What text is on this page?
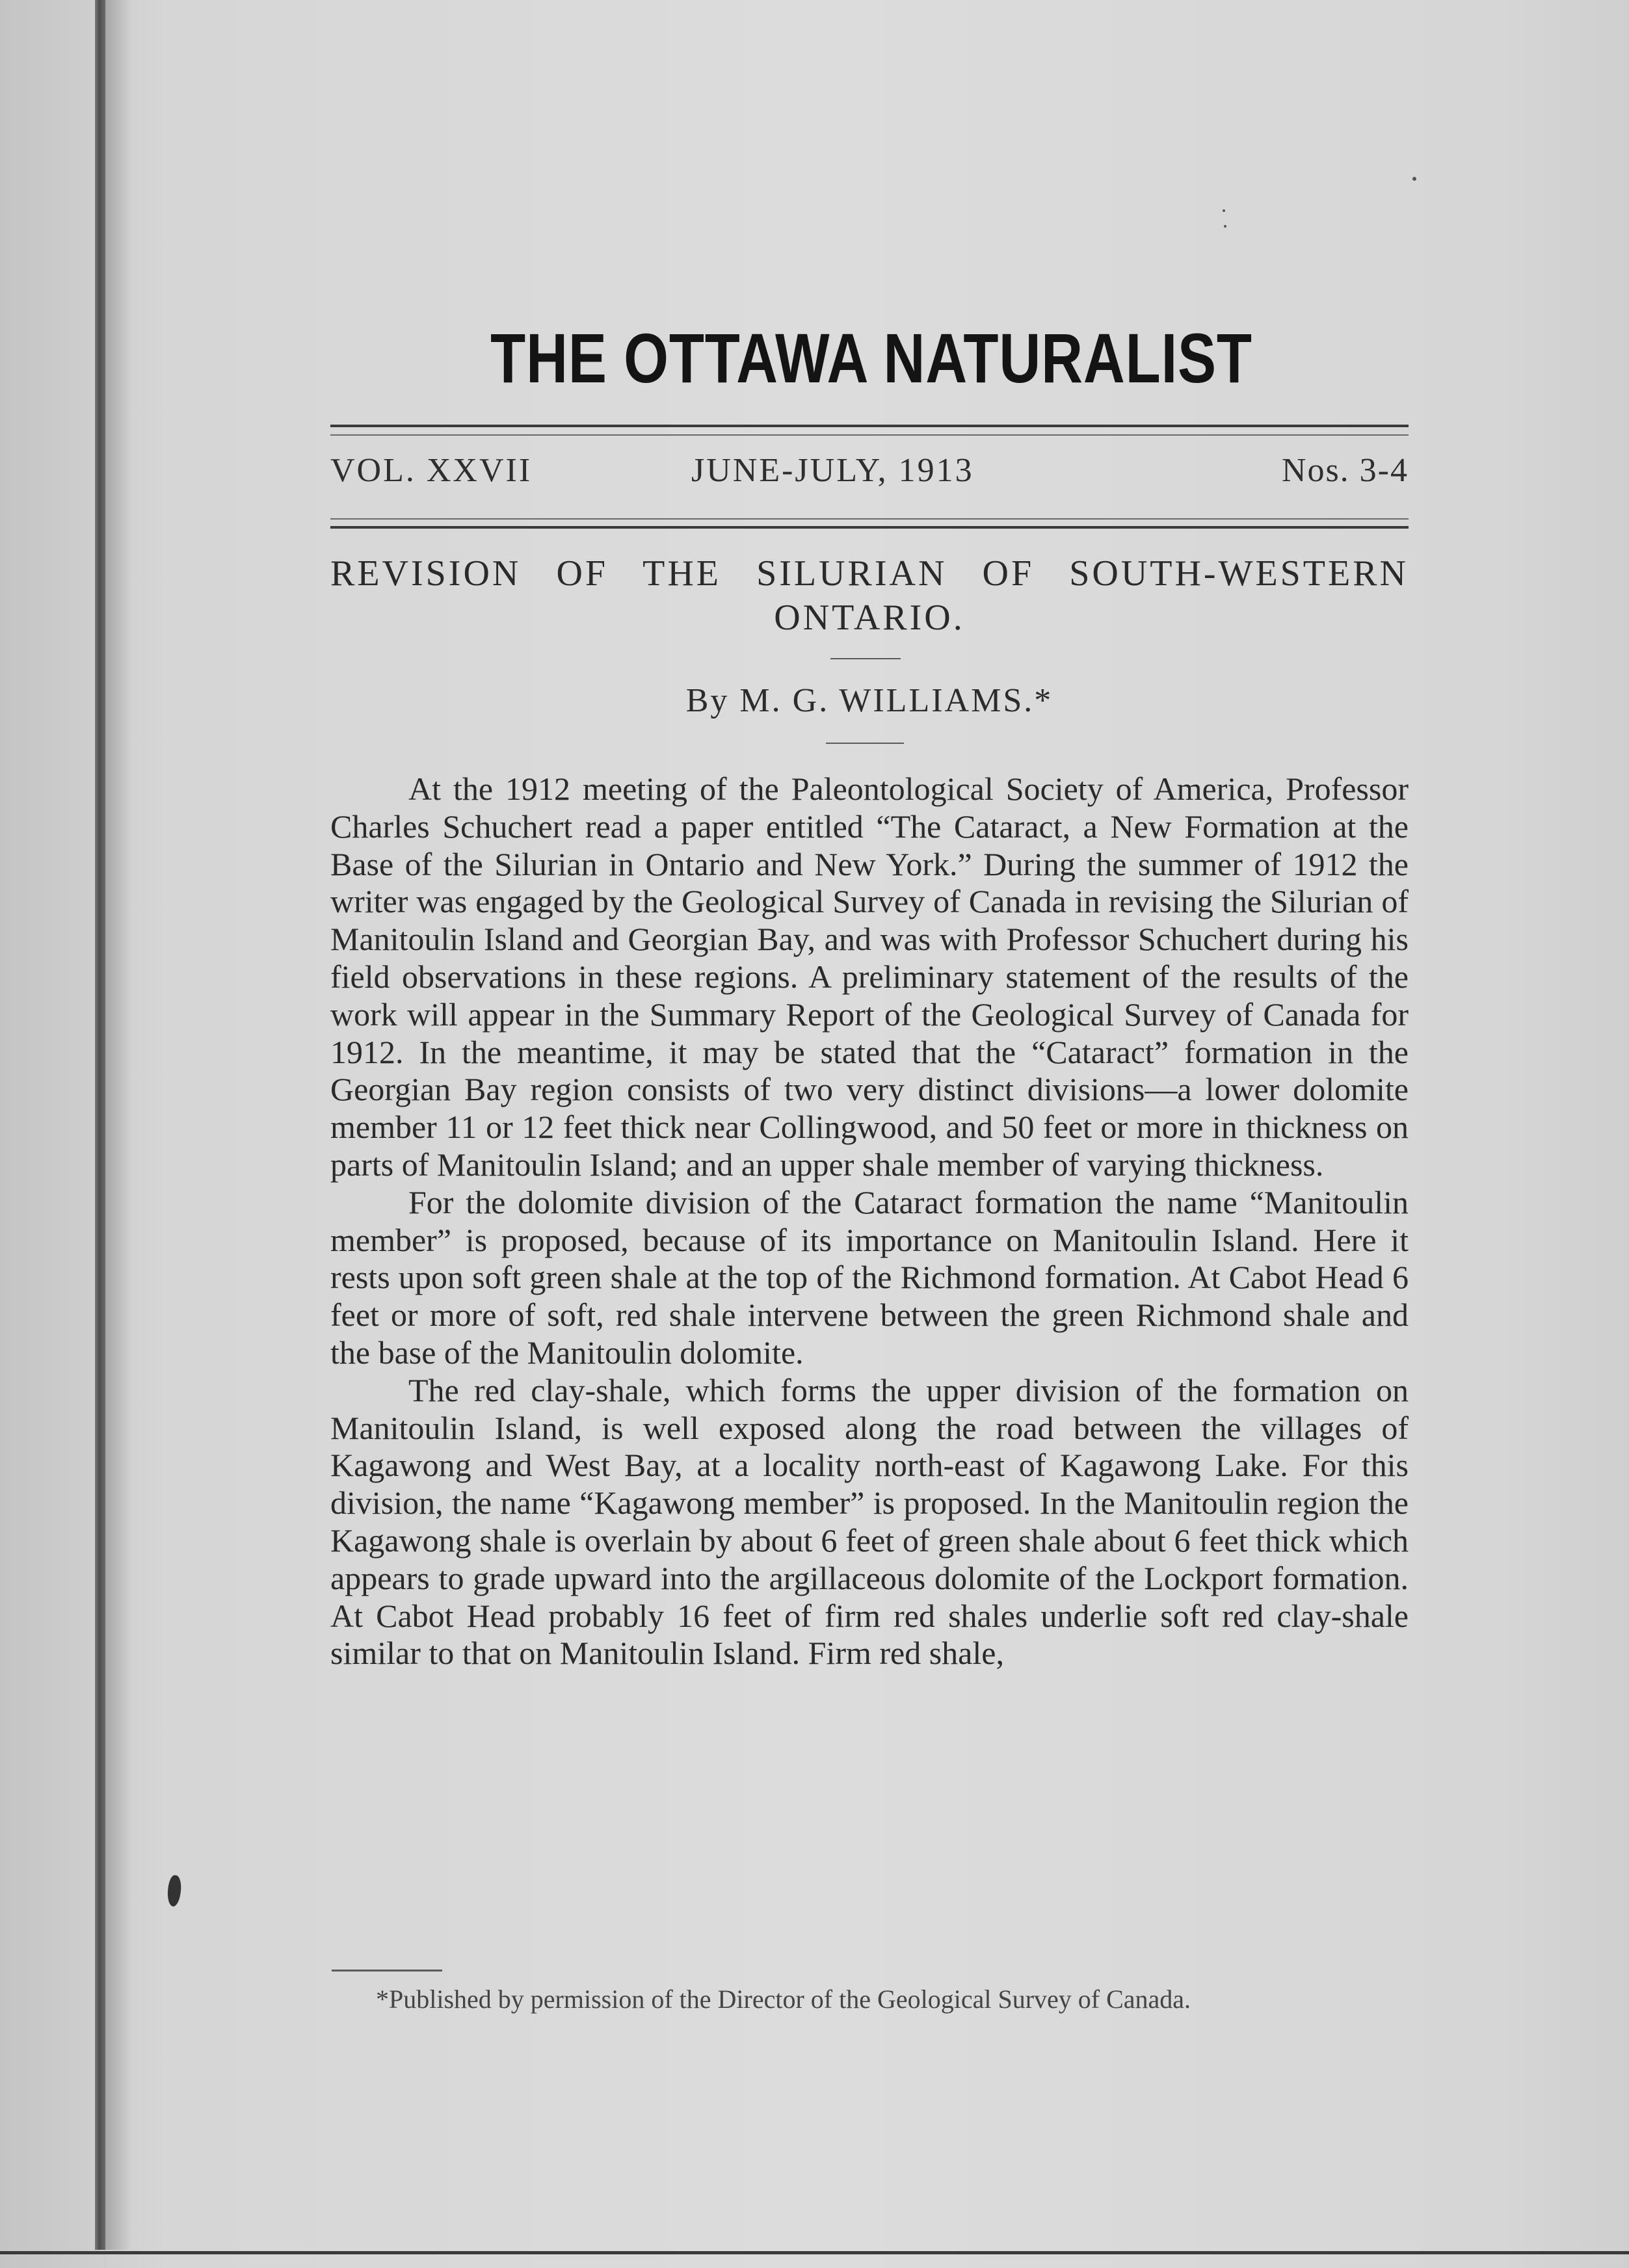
THE OTTAWA NATURALIST
VOL. XXVII	JUNE-JULY, 1913	Nos. 3-4
REVISION OF THE SILURIAN OF SOUTH-WESTERN
ONTARIO.
By M. G. WILLIAMS.*

At the 1912 meeting of the Paleontological Society of America, Professor Charles Schuchert read a paper entitled “The Cataract, a New Formation at the Base of the Silurian in Ontario and New York.” During the summer of 1912 the writer was engaged by the Geological Survey of Canada in revising the Silurian of Manitoulin Island and Georgian Bay, and was with Professor Schuchert during his field observations in these regions. A preliminary statement of the results of the work will appear in the Summary Report of the Geological Survey of Canada for 1912. In the meantime, it may be stated that the “Cataract” formation in the Georgian Bay region consists of two very distinct divisions—a lower dolomite member 11 or 12 feet thick near Collingwood, and 50 feet or more in thickness on parts of Manitoulin Island; and an upper shale member of varying thickness.

For the dolomite division of the Cataract formation the name “Manitoulin member” is proposed, because of its importance on Manitoulin Island. Here it rests upon soft green shale at the top of the Richmond formation. At Cabot Head 6 feet or more of soft, red shale intervene between the green Richmond shale and the base of the Manitoulin dolomite.

The red clay-shale, which forms the upper division of the formation on Manitoulin Island, is well exposed along the road between the villages of Kagawong and West Bay, at a locality north-east of Kagawong Lake. For this division, the name “Kagawong member” is proposed. In the Manitoulin region the Kagawong shale is overlain by about 6 feet of green shale about 6 feet thick which appears to grade upward into the argillaceous dolomite of the Lockport formation. At Cabot Head probably 16 feet of firm red shales underlie soft red clay-shale similar to that on Manitoulin Island. Firm red shale,

*Published by permission of the Director of the Geological Survey of Canada.
